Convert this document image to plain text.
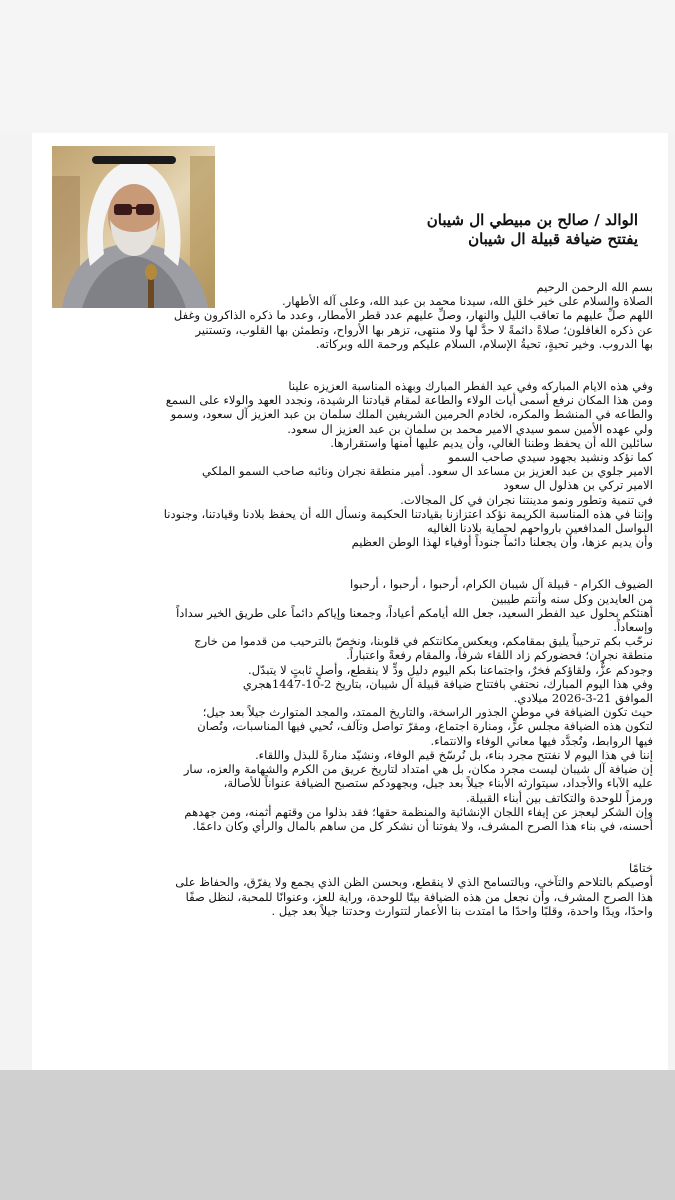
الوالد / صالح بن مبيطي ال شيبان

يفتتح ضيافة قبيلة ال شيبان

بسم الله الرحمن الرحيم

الصلاة والسلام على خير خلق الله، سيدنا محمد بن عبد الله، وعلى آله الأطهار.

اللهم صلِّ عليهم ما تعاقب الليل والنهار، وصلِّ عليهم عدد قطر الأمطار، وعدد ما ذكره الذاكرون وغفل

عن ذكره الغافلون؛ صلاةً دائمةً لا حدَّ لها ولا منتهى، تزهر بها الأرواح، وتطمئن بها القلوب، وتستنير

بها الدروب. وخير تحيةٍ، تحيةُ الإسلام، السلام عليكم ورحمة الله وبركاته.

وفي هذه الايام المباركه وفي عيد الفطر المبارك وبهذه المناسبة العزيزه علينا

ومن هذا المكان نرفع أسمى أيات الولاء والطاعة لمقام قيادتنا الرشيدة، ونجدد العهد والولاء على السمع

والطاعه في المنشط والمكره، لخادم الحرمين الشريفين الملك سلمان بن عبد العزيز آل سعود، وسمو

ولي عهده الأمين سمو سيدي الامير محمد بن سلمان بن عبد العزيز ال سعود.

سائلين الله أن يحفظ وطننا الغالي، وأن يديم عليها أمنها واستقرارها.

كما نؤكد ونشيد بجهود سيدي صاحب السمو

الامير جلوي بن عبد العزيز بن مساعد ال سعود. أمير منطقة نجران ونائبه صاحب السمو الملكي

الامير تركي بن هذلول ال سعود

في تنمية وتطور ونمو مدينتنا نجران في كل المجالات.

وإننا في هذه المناسبة الكريمة نؤكد اعتزازنا بقيادتنا الحكيمة ونسأل الله أن يحفظ بلادنا وقيادتنا، وجنودنا

البواسل المدافعين بارواحهم لحماية بلادنا الغاليه

وأن يديم عزها، وأن يجعلنا دائماً جنوداً أوفياء لهذا الوطن العظيم

الضيوف الكرام - قبيلة آل شيبان الكرام، أرحبوا ، أرحبوا ، أرحبوا

من العايدين وكل سنه وأنتم طيبين

أهنئكم بحلول عيد الفطر السعيد، جعل الله أيامكم أعياداً، وجمعنا وإياكم دائماً على طريق الخير سداداً

وإسعاداً.

نرحّب بكم ترحيباً يليق بمقامكم، ويعكس مكانتكم في قلوبنا، ونخصّ بالترحيب من قدموا من خارج

منطقة نجران؛ فحضوركم زاد اللقاء شرفاً، والمقام رفعةً واعتباراً.

وجودكم عزٌّ، ولقاؤكم فخرٌ، واجتماعنا بكم اليوم دليل ودٍّ لا ينقطع، وأصلٍ ثابتٍ لا يتبدّل.

وفي هذا اليوم المبارك، نحتفي بافتتاح ضيافة قبيلة آل شيبان، بتاريخ 2-10-1447هجري

الموافق 21-3-2026 ميلادي.

حيث تكون الضيافة في موطن الجذور الراسخة، والتاريخ الممتد، والمجد المتوارث جيلاً بعد جيل؛

لتكون هذه الضيافة مجلس عزٍّ، ومنارة اجتماع، ومقرّ تواصل وتآلف، تُحيي فيها المناسبات، وتُصان

فيها الروابط، وتُجدَّد فيها معاني الوفاء والانتماء.

إننا في هذا اليوم لا نفتتح مجرد بناء، بل نُرسّخ قيم الوفاء، ونشيّد منارةً للبذل واللقاء.

إن ضيافة آل شيبان ليست مجرد مكان، بل هي امتداد لتاريخ عريق من الكرم والشهامة والعزه، سار

عليه الآباء والأجداد، سيتوارثه الأبناء جيلاً بعد جيل، وبجهودكم ستصبح الضيافة عنواناً للأصالة،

ورمزاً للوحدة والتكاتف بين أبناء القبيلة.

وإن الشكر ليعجز عن إيفاء اللجان الإنشائية والمنظمة حقها؛ فقد بذلوا من وقتهم أثمنه، ومن جهدهم

أحسنه، في بناء هذا الصرح المشرف، ولا يفوتنا أن نشكر كل من ساهم بالمال والرأي وكان داعمًا.

ختامًا

أوصيكم بالتلاحم والتآخي، وبالتسامح الذي لا ينقطع، وبحسن الظن الذي يجمع ولا يفرّق، والحفاظ على

هذا الصرح المشرف، وأن نجعل من هذه الضيافة بيتًا للوحدة، وراية للعز، وعنوانًا للمحبة، لنظل صفًا

واحدًا، ويدًا واحدة، وقلبًا واحدًا ما امتدت بنا الأعمار لتتوارث وحدتنا جيلاً بعد جيل .
